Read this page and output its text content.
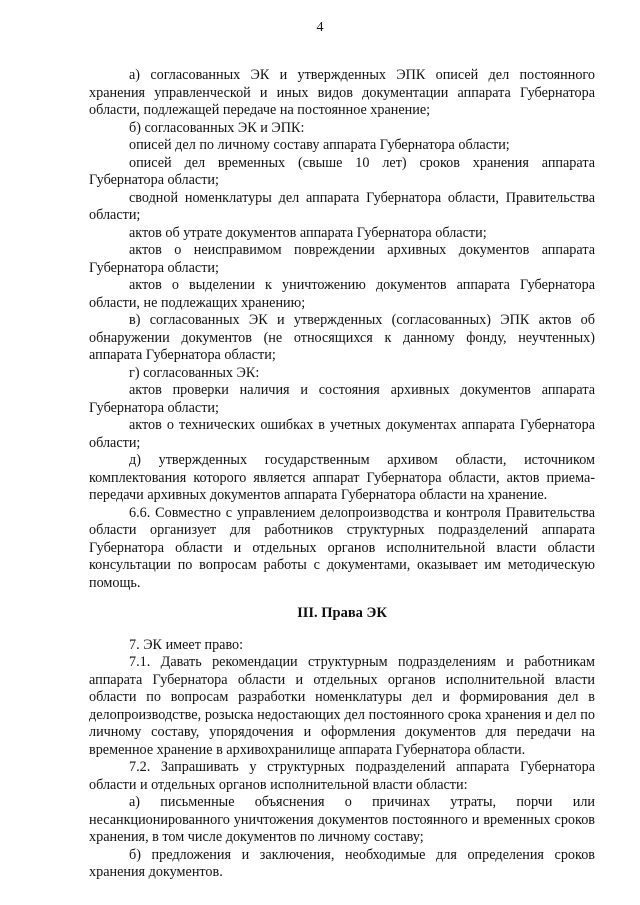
4

а) согласованных ЭК и утвержденных ЭПК описей дел постоянного хранения управленческой и иных видов документации аппарата Губернатора области, подлежащей передаче на постоянное хранение;

б) согласованных ЭК и ЭПК:

описей дел по личному составу аппарата Губернатора области;

описей дел временных (свыше 10 лет) сроков хранения аппарата Губернатора области;

сводной номенклатуры дел аппарата Губернатора области, Правительства области;

актов об утрате документов аппарата Губернатора области;

актов о неисправимом повреждении архивных документов аппарата Губернатора области;

актов о выделении к уничтожению документов аппарата Губернатора области, не подлежащих хранению;

в) согласованных ЭК и утвержденных (согласованных) ЭПК актов об обнаружении документов (не относящихся к данному фонду, неучтенных) аппарата Губернатора области;

г) согласованных ЭК:

актов проверки наличия и состояния архивных документов аппарата Губернатора области;

актов о технических ошибках в учетных документах аппарата Губернатора области;

д) утвержденных государственным архивом области, источником комплектования которого является аппарат Губернатора области, актов приема-передачи архивных документов аппарата Губернатора области на хранение.

6.6. Совместно с управлением делопроизводства и контроля Правительства области организует для работников структурных подразделений аппарата Губернатора области и отдельных органов исполнительной власти области консультации по вопросам работы с документами, оказывает им методическую помощь.

III. Права ЭК

7. ЭК имеет право:

7.1. Давать рекомендации структурным подразделениям и работникам аппарата Губернатора области и отдельных органов исполнительной власти области по вопросам разработки номенклатуры дел и формирования дел в делопроизводстве, розыска недостающих дел постоянного срока хранения и дел по личному составу, упорядочения и оформления документов для передачи на временное хранение в архивохранилище аппарата Губернатора области.

7.2. Запрашивать у структурных подразделений аппарата Губернатора области и отдельных органов исполнительной власти области:

а) письменные объяснения о причинах утраты, порчи или несанкционированного уничтожения документов постоянного и временных сроков хранения, в том числе документов по личному составу;

б) предложения и заключения, необходимые для определения сроков хранения документов.
